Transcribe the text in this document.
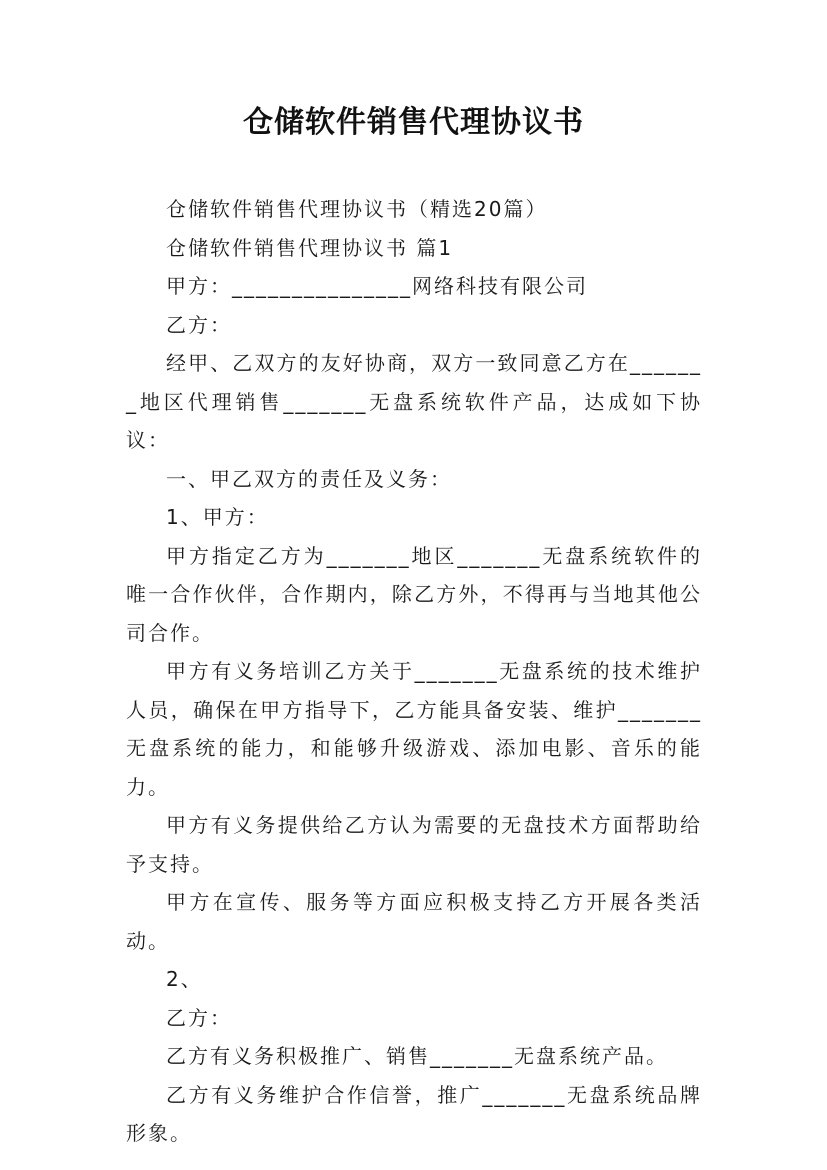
仓储软件销售代理协议书

仓储软件销售代理协议书（精选20篇）

仓储软件销售代理协议书 篇1

甲方：_______________网络科技有限公司

乙方：

经甲、乙双方的友好协商，双方一致同意乙方在_______地区代理销售_______无盘系统软件产品，达成如下协议：

一、甲乙双方的责任及义务：

1、甲方：

甲方指定乙方为_______地区_______无盘系统软件的唯一合作伙伴，合作期内，除乙方外，不得再与当地其他公司合作。

甲方有义务培训乙方关于_______无盘系统的技术维护人员，确保在甲方指导下，乙方能具备安装、维护_______无盘系统的能力，和能够升级游戏、添加电影、音乐的能力。

甲方有义务提供给乙方认为需要的无盘技术方面帮助给予支持。

甲方在宣传、服务等方面应积极支持乙方开展各类活动。

2、

乙方：

乙方有义务积极推广、销售_______无盘系统产品。

乙方有义务维护合作信誉，推广_______无盘系统品牌形象。
